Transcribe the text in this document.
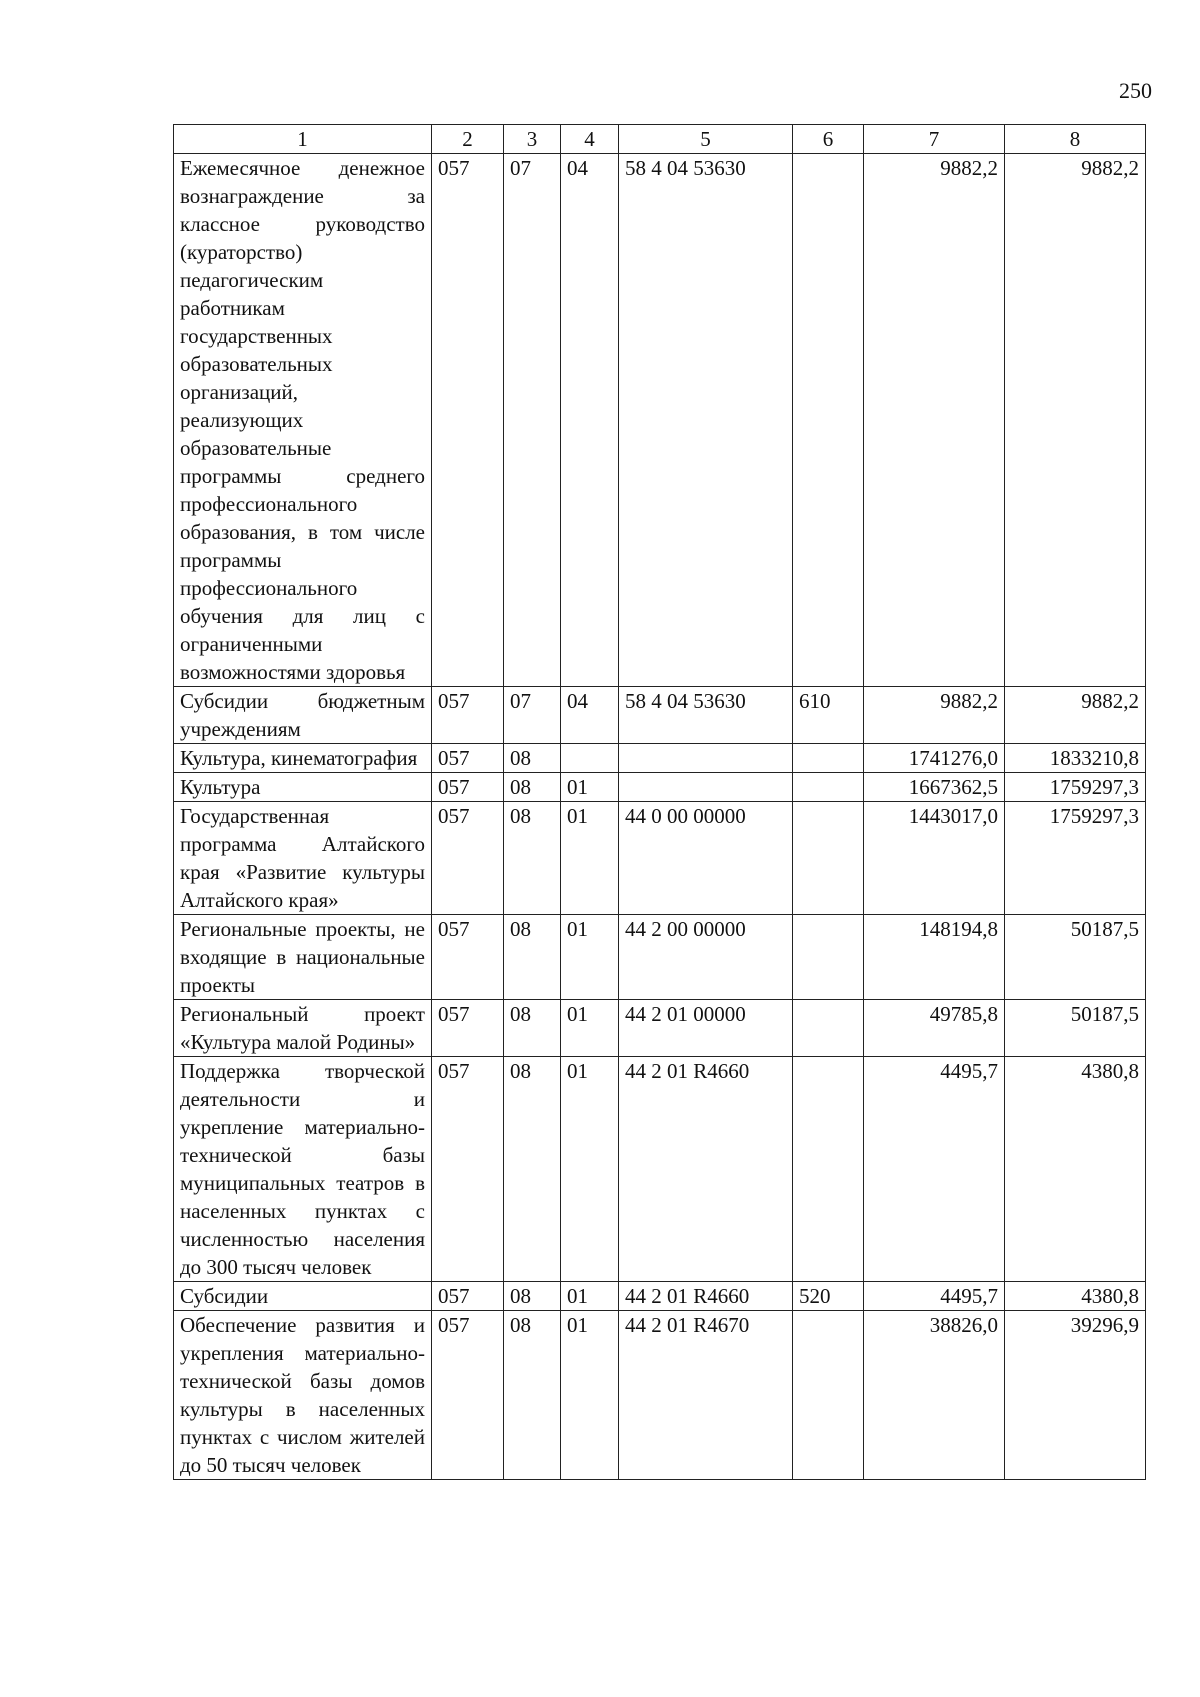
250
1	2	3	4	5	6	7	8
Ежемесячное денежное вознаграждение за классное руководство (кураторство) педагогическим работникам государственных образовательных организаций, реализующих образовательные программы среднего профессионального образования, в том числе программы профессионального обучения для лиц с ограниченными возможностями здоровья	057	07	04	58 4 04 53630		9882,2	9882,2
Субсидии бюджетным учреждениям	057	07	04	58 4 04 53630	610	9882,2	9882,2
Культура, кинематография	057	08				1741276,0	1833210,8
Культура	057	08	01			1667362,5	1759297,3
Государственная программа Алтайского края «Развитие культуры Алтайского края»	057	08	01	44 0 00 00000		1443017,0	1759297,3
Региональные проекты, не входящие в национальные проекты	057	08	01	44 2 00 00000		148194,8	50187,5
Региональный проект «Культура малой Родины»	057	08	01	44 2 01 00000		49785,8	50187,5
Поддержка творческой деятельности и укрепление материально-технической базы муниципальных театров в населенных пунктах с численностью населения до 300 тысяч человек	057	08	01	44 2 01 R4660		4495,7	4380,8
Субсидии	057	08	01	44 2 01 R4660	520	4495,7	4380,8
Обеспечение развития и укрепления материально-технической базы домов культуры в населенных пунктах с числом жителей до 50 тысяч человек	057	08	01	44 2 01 R4670		38826,0	39296,9
